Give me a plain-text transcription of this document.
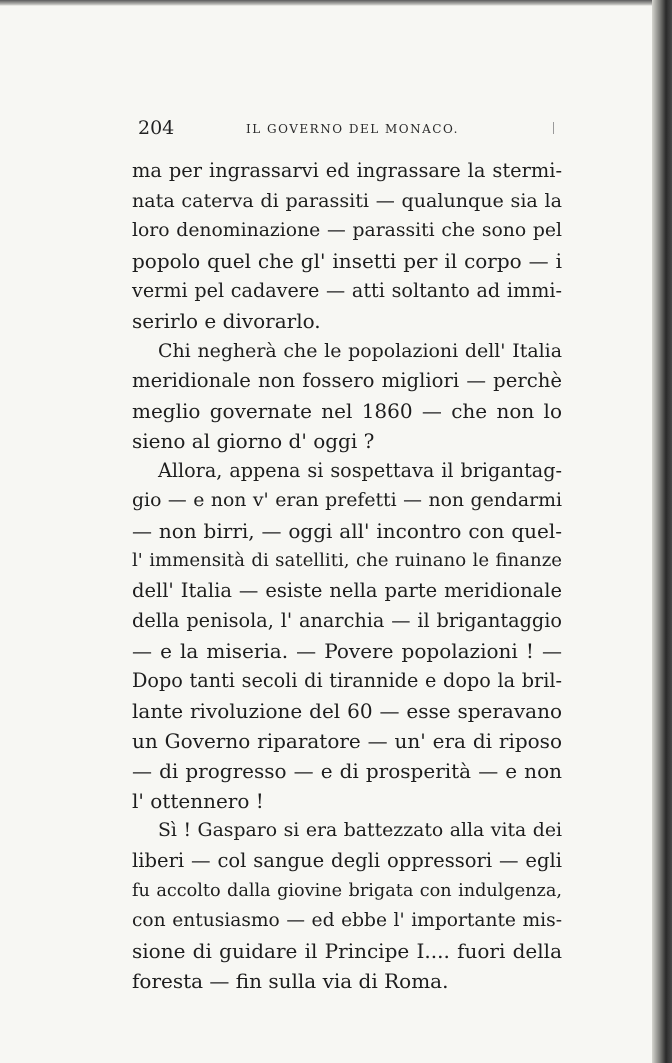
204	IL GOVERNO DEL MONACO.
ma per ingrassarvi ed ingrassare la stermi-
nata caterva di parassiti — qualunque sia la
loro denominazione — parassiti che sono pel
popolo quel che gl' insetti per il corpo — i
vermi pel cadavere — atti soltanto ad immi-
serirlo e divorarlo.
Chi negherà che le popolazioni dell' Italia
meridionale non fossero migliori — perchè
meglio governate nel 1860 — che non lo
sieno al giorno d' oggi ?
Allora, appena si sospettava il brigantag-
gio — e non v' eran prefetti — non gendarmi
— non birri, — oggi all' incontro con quel-
l' immensità di satelliti, che ruinano le finanze
dell' Italia — esiste nella parte meridionale
della penisola, l' anarchia — il brigantaggio
— e la miseria. — Povere popolazioni ! —
Dopo tanti secoli di tirannide e dopo la bril-
lante rivoluzione del 60 — esse speravano
un Governo riparatore — un' era di riposo
— di progresso — e di prosperità — e non
l' ottennero !
Sì ! Gasparo si era battezzato alla vita dei
liberi — col sangue degli oppressori — egli
fu accolto dalla giovine brigata con indulgenza,
con entusiasmo — ed ebbe l' importante mis-
sione di guidare il Principe I.... fuori della
foresta — fin sulla via di Roma.
